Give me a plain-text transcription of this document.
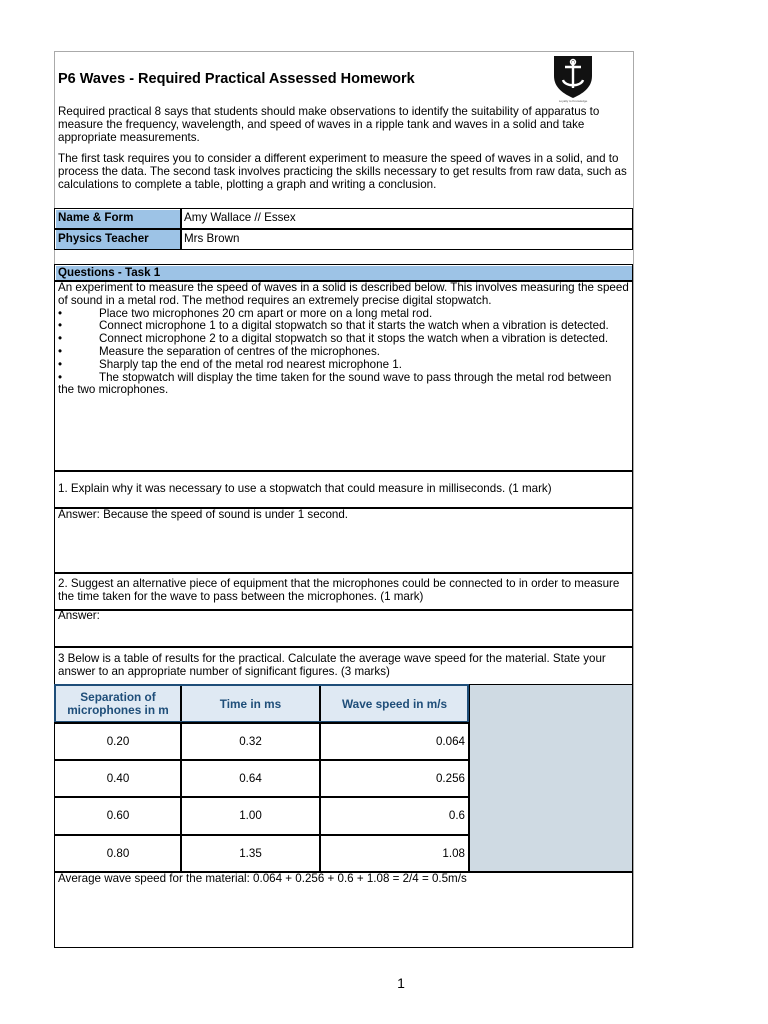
P6 Waves - Required Practical Assessed Homework
Loyalty to Knowledge
Required practical 8 says that students should make observations to identify the suitability of apparatus to measure the frequency, wavelength, and speed of waves in a ripple tank and waves in a solid and take appropriate measurements.
The first task requires you to consider a different experiment to measure the speed of waves in a solid, and to process the data. The second task involves practicing the skills necessary to get results from raw data, such as calculations to complete a table, plotting a graph and writing a conclusion.
Name & Form	Amy Wallace // Essex
Physics Teacher	Mrs Brown
Questions - Task 1
An experiment to measure the speed of waves in a solid is described below. This involves measuring the speed of sound in a metal rod. The method requires an extremely precise digital stopwatch.
•	Place two microphones 20 cm apart or more on a long metal rod.
•	Connect microphone 1 to a digital stopwatch so that it starts the watch when a vibration is detected.
•	Connect microphone 2 to a digital stopwatch so that it stops the watch when a vibration is detected.
•	Measure the separation of centres of the microphones.
•	Sharply tap the end of the metal rod nearest microphone 1.
•	The stopwatch will display the time taken for the sound wave to pass through the metal rod between the two microphones.
1. Explain why it was necessary to use a stopwatch that could measure in milliseconds. (1 mark)
Answer: Because the speed of sound is under 1 second.
2. Suggest an alternative piece of equipment that the microphones could be connected to in order to measure the time taken for the wave to pass between the microphones. (1 mark)
Answer:
3 Below is a table of results for the practical. Calculate the average wave speed for the material. State your answer to an appropriate number of significant figures. (3 marks)
Separation of microphones in m	Time in ms	Wave speed in m/s
0.20	0.32	0.064
0.40	0.64	0.256
0.60	1.00	0.6
0.80	1.35	1.08
Average wave speed for the material: 0.064 + 0.256 + 0.6 + 1.08 = 2/4 = 0.5m/s
1
